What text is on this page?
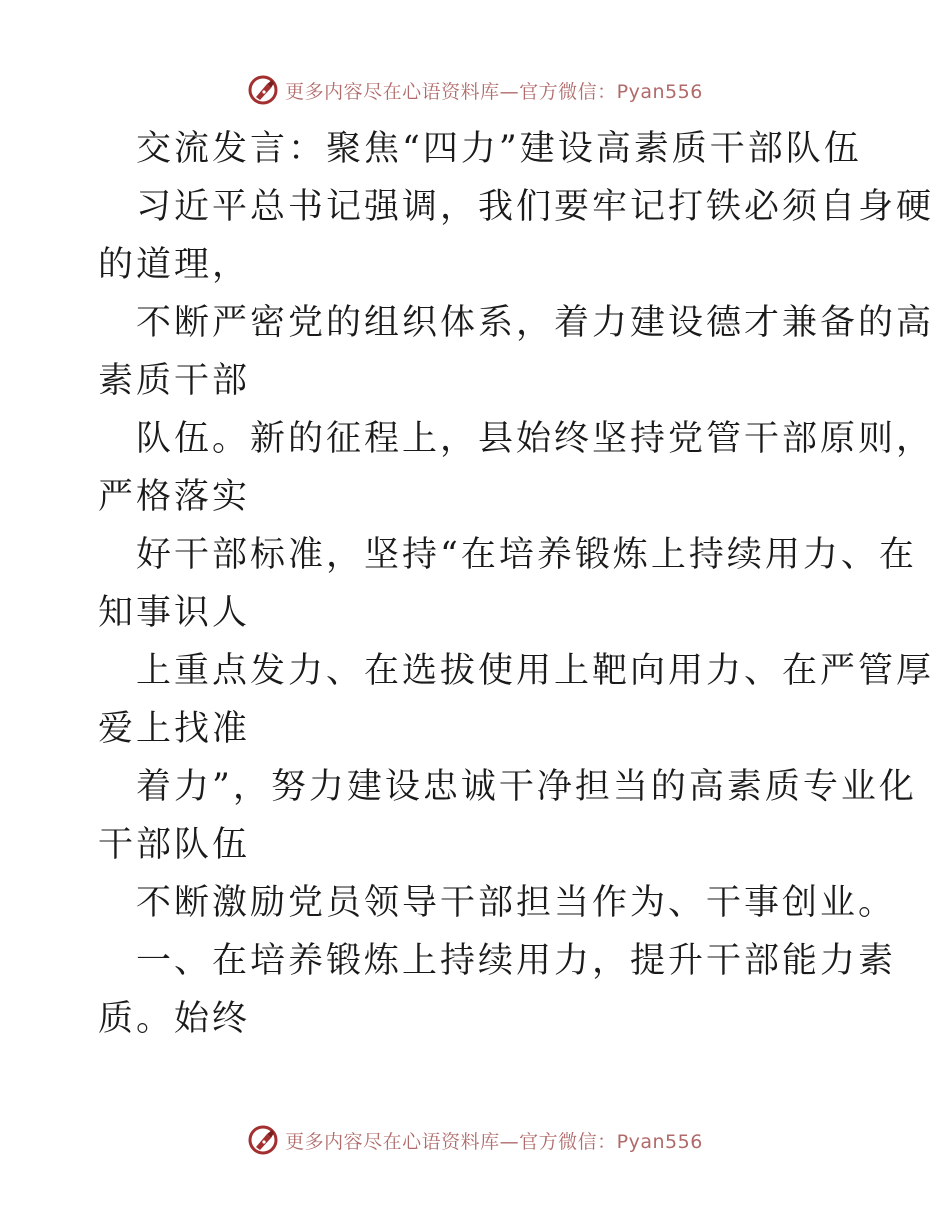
更多内容尽在心语资料库—官方微信：Pyan556
交流发言：聚焦“四力”建设高素质干部队伍
习近平总书记强调，我们要牢记打铁必须自身硬
的道理，
不断严密党的组织体系，着力建设德才兼备的高
素质干部
队伍。新的征程上，县始终坚持党管干部原则，
严格落实
好干部标准，坚持“在培养锻炼上持续用力、在
知事识人
上重点发力、在选拔使用上靶向用力、在严管厚
爱上找准
着力”，努力建设忠诚干净担当的高素质专业化
干部队伍
不断激励党员领导干部担当作为、干事创业。
一、在培养锻炼上持续用力，提升干部能力素
质。始终
更多内容尽在心语资料库—官方微信：Pyan556
